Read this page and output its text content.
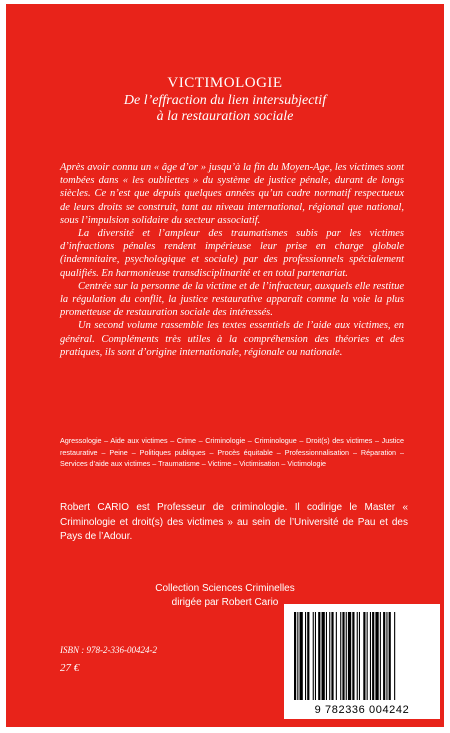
VICTIMOLOGIE
De l’effraction du lien intersubjectif
à la restauration sociale

Après avoir connu un « âge d’or » jusqu’à la fin du Moyen-Age, les victimes sont tombées dans « les oubliettes » du système de justice pénale, durant de longs siècles. Ce n’est que depuis quelques années qu’un cadre normatif respectueux de leurs droits se construit, tant au niveau international, régional que national, sous l’impulsion solidaire du secteur associatif.

La diversité et l’ampleur des traumatismes subis par les victimes d’infractions pénales rendent impérieuse leur prise en charge globale (indemnitaire, psychologique et sociale) par des professionnels spécialement qualifiés. En harmonieuse transdisciplinarité et en total partenariat.

Centrée sur la personne de la victime et de l’infracteur, auxquels elle restitue la régulation du conflit, la justice restaurative apparaît comme la voie la plus prometteuse de restauration sociale des intéressés.

Un second volume rassemble les textes essentiels de l’aide aux victimes, en général. Compléments très utiles à la compréhension des théories et des pratiques, ils sont d’origine internationale, régionale ou nationale.

Agressologie – Aide aux victimes – Crime – Criminologie – Criminologue – Droit(s) des victimes – Justice restaurative – Peine – Politiques publiques – Procès équitable – Professionnalisation – Réparation – Services d’aide aux victimes – Traumatisme – Victime – Victimisation – Victimologie
Robert CARIO est Professeur de criminologie. Il codirige le Master « Criminologie et droit(s) des victimes » au sein de l’Université de Pau et des Pays de l’Adour.
Collection Sciences Criminelles
dirigée par Robert Cario
ISBN : 978-2-336-00424-2
27 €
9 782336 004242
